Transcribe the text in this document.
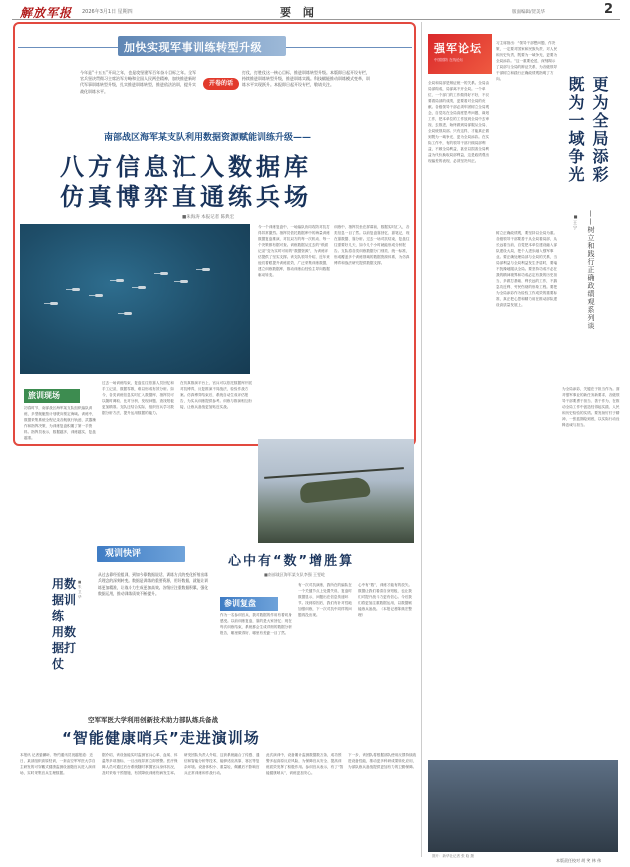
解放军报 2026年3月1日 星期四	要 闻	版面编辑/贺美华	2
加快实现军事训练转型升级
今年是“十五五”开局之年，也是攻坚建军百年奋斗目标之年。全军官兵坚决贯彻习主席治军方略和全国人民两会精神，加快推进新时代军事训练转型升级，扎实推进训练转型，推进依法治训，提升实战化训练水平。
开卷的话
打仗，打胜仗这一核心目标，推进训练转型升级。本版即日起开设专栏，持续推进训练转型升级，推进训练实践。科技赋能推动训练模式变革，训练水平实现跃升。本报即日起开设专栏，敬请关注。
南部战区海军某支队利用数据资源赋能训练升级——
八方信息汇入数据库
仿真博弈直通练兵场
■朱海涛 本报记者 陈典宏
今一个训练复盘中，一场编队协同攻防对抗打得异常激烈。指挥员依托数据库中的海量训练数据复盘推演，对抗双方的每一次机动、每一个决策都有据可查。训练数据从过去的“纸面记录”变为实时可用的“数据资源”，为训练评估提供了坚实支撑。该支队领导介绍，近年来他们着眼提升训练质效，广泛采集训练数据，建立训练数据库，推动训练由经验主导向数据驱动转变。
训练中，指挥员坐在屏幕前，数据实时汇入，各类信息一目了然。以前复盘靠回忆、靠笔记，现在靠数据、靠分析。过去一场对抗结束，复盘往往需要好几天，如今几个小时就能形成分析报告。支队将各类训练数据分门别类、统一标准，形成覆盖多个训练领域的数据资源体系，为仿真博弈和战法研究提供数据支撑。
旅训现场
初春时节，南部战区海军某支队组织编队训练，多型舰艇按计划驶向预定海域。训练中，数据采集系统全程记录各舰航行轨迹、武器操作和指挥决策，为训练复盘积累了第一手资料。指挥员表示，数据越多，训练越实，复盘越准。
过去一场训练结束，复盘往往依靠人员回忆和手工记录，数据零散，难以形成有效分析。如今，各类训练信息实时汇入数据库，指挥员可以随时调取、比对分析，发现问题、查找短板更加精准。支队还结合实际，组织官兵学习数据分析方法，提升运用数据的能力。
在仿真推演平台上，官兵可以依托数据库开展对抗博弈，反复推演不同战法，检验作战方案。仿真博弈结束后，系统自动生成评估报告，为实兵训练提供参考。训练与推演相互衔接，让练兵备战更加贴近实战。
用数据训练 用数据打仗
■朱卫华
观训快评
从过去靠经验组训，到如今靠数据说话，训练方式的变化折射出练兵理念的深刻转变。数据是训练的重要资源，用好数据，就能让训练更加精准，让战斗力生成更加高效。各级应注重数据积累，强化数据运用，推动训练质效不断提升。
心中有“数”增胜算
■南部战区海军某支队李强 王雯屹
参训复盘
作为一名参训官兵，我对数据的作用有着切身感受。以前训练复盘，靠的是大家回忆；现在每次训练结束，系统都会生成详细的数据分析报告，哪里做得好、哪里有差距一目了然。
有一次对抗演练，我所在的编队在一个关键节点上处置失误，复盘时数据显示，问题出在信息传递环节。找到原因后，我们有针对性地加强训练，下一次对抗中同样的问题再没出现。
心中有“数”，训练才能有的放矢。数据让我们看清自身短板，也让我们对提升战斗力更有信心。今后我们将更加注重数据运用，以数据赋能练兵备战。（本报记者陈典宏整理）
空军军医大学利用创新技术助力部队练兵备战
“智能健康哨兵”走进演训场
本报讯 记者晏鹏昕、特约通讯员祝越报道：近日，某部组织高原驻训，一套由空军军医大学自主研发的可穿戴式健康监测设备随官兵进入演训场，实时采集官兵生理数据。
据介绍，该设备能实时监测官兵心率、血氧、体温等多项指标，一旦出现异常立即预警。医疗保障人员可通过后台系统随时掌握官兵身体状况，及时采取干预措施，有效降低训练伤病发生率。
研发团队负责人介绍，这套系统融合了传感、通信和智能分析等技术，能够适应高原、寒区等复杂环境。设备体积小、重量轻，佩戴后不影响官兵正常训练和作战行动。
此次演训中，设备累计监测数据数万条，成功预警多起高原反应风险，为保障官兵安全、提高训练质效发挥了积极作用。参训官兵表示，有了“智能健康哨兵”，训练更加安心。
下一步，该团队将根据部队使用反馈持续改进设备性能，推动更多科研成果转化应用，为部队练兵备战提供更加有力的卫勤保障。
强军论坛
中国国防 在线论坛
习主席指出：“领导干部想问题、作决策，一定要对国家和民族负责、对人民和历史负责，既要为一域争光，更要为全局添彩。”这一重要论述，深刻揭示了局部与全局的辩证关系，为各级领导干部树立和践行正确政绩观指明了方向。	既为一域争光 更为全局添彩
——树立和践行正确政绩观系列谈
■ 王 宁
全局和局部是辩证统一的关系。全局由局部构成，局部离不开全局。一个单位、一个部门的工作做得好不好，不仅要看局部的成绩，更要看对全局的贡献。各级领导干部必须牢固树立全局观念，自觉站在全局高度思考问题、谋划工作，把本单位的工作放到全局中去审视、去推进，始终做到局部服从全局、全局统领局部。只有这样，才能真正做到既为一域争光、更为全局添彩。在实际工作中，有的领导干部只顾局部利益，不顾全局利益，甚至以损害全局利益为代价换取局部利益，这是政绩观出现偏差的表现，必须坚决纠正。
树立正确政绩观，要坚持以全局为重。各级领导干部要善于从全局看局部，从长远看当前，自觉把本单位建设融入部队建设大局，把个人进步融入强军事业。要正确处理局部与全局的关系，当局部利益与全局利益发生矛盾时，要毫不犹豫地服从全局。要坚持功成不必在我的精神境界和功成必定有我的历史担当，多做打基础、利长远的工作，不搞急功近利、劳民伤财的形象工程。要把为全局添彩作为检验工作成效的重要标准，真正把心思和精力用在推动部队建设高质量发展上。
为全局添彩，关键在于担当作为。面对强军事业的新任务新要求，各级领导干部要勇于担当、善于作为，在推动全局工作中创造经得起实践、人民和历史检验的实绩。要发扬钉钉子精神，一张蓝图绘到底，以实际行动诠释忠诚与担当。
图片：新华社记者 张 晗 摄
本版责任校对 胡 笑 林 伟
